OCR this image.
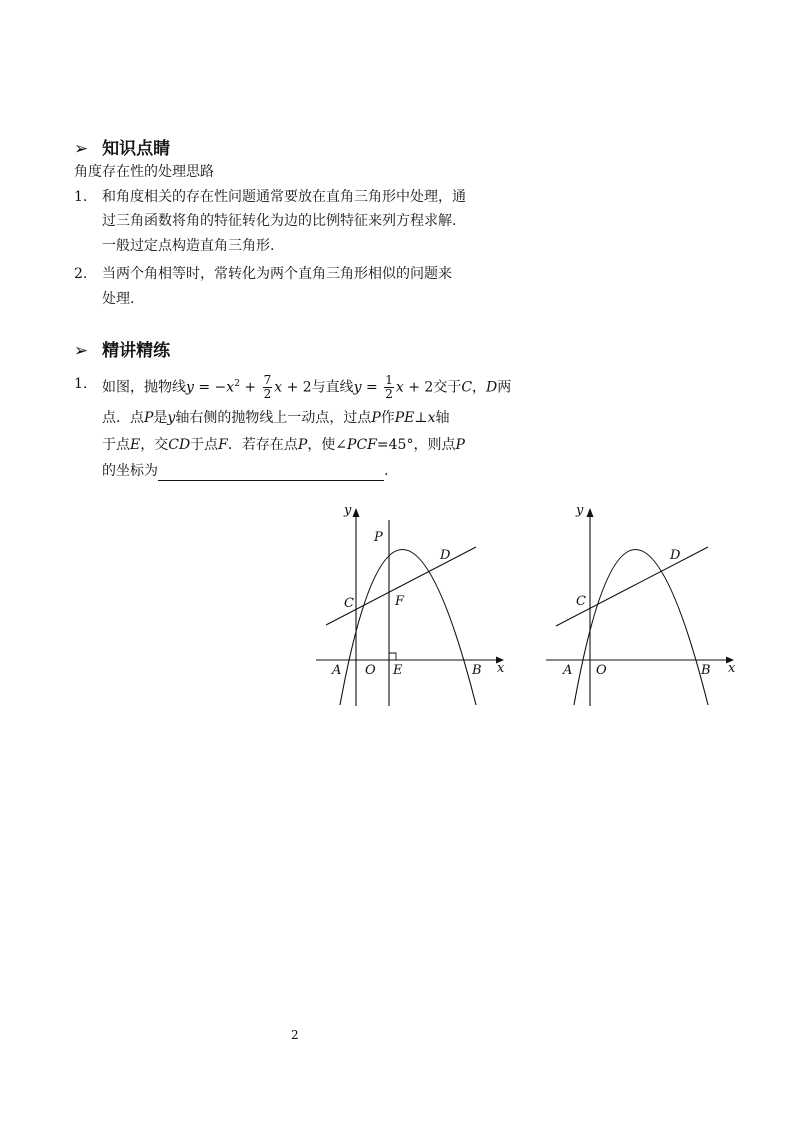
➢ 知识点睛
角度存在性的处理思路
1. 和角度相关的存在性问题通常要放在直角三角形中处理，通
过三角函数将角的特征转化为边的比例特征来列方程求解.
一般过定点构造直角三角形.
2. 当两个角相等时，常转化为两个直角三角形相似的问题来
处理.
➢ 精讲精练
1. 如图，抛物线$y = -x^2 + \frac{7}{2}$ x + 2与直线$y = \frac{1}{2}$ x + 2交于C，D两
点．点P是y轴右侧的抛物线上一动点，过点P作PE⊥x轴
于点E，交CD于点F．若存在点P，使∠PCF=45°，则点P
的坐标为	.
y
x
P
D
C	F
A O E	B
y
x
D
C
A O	B
2
